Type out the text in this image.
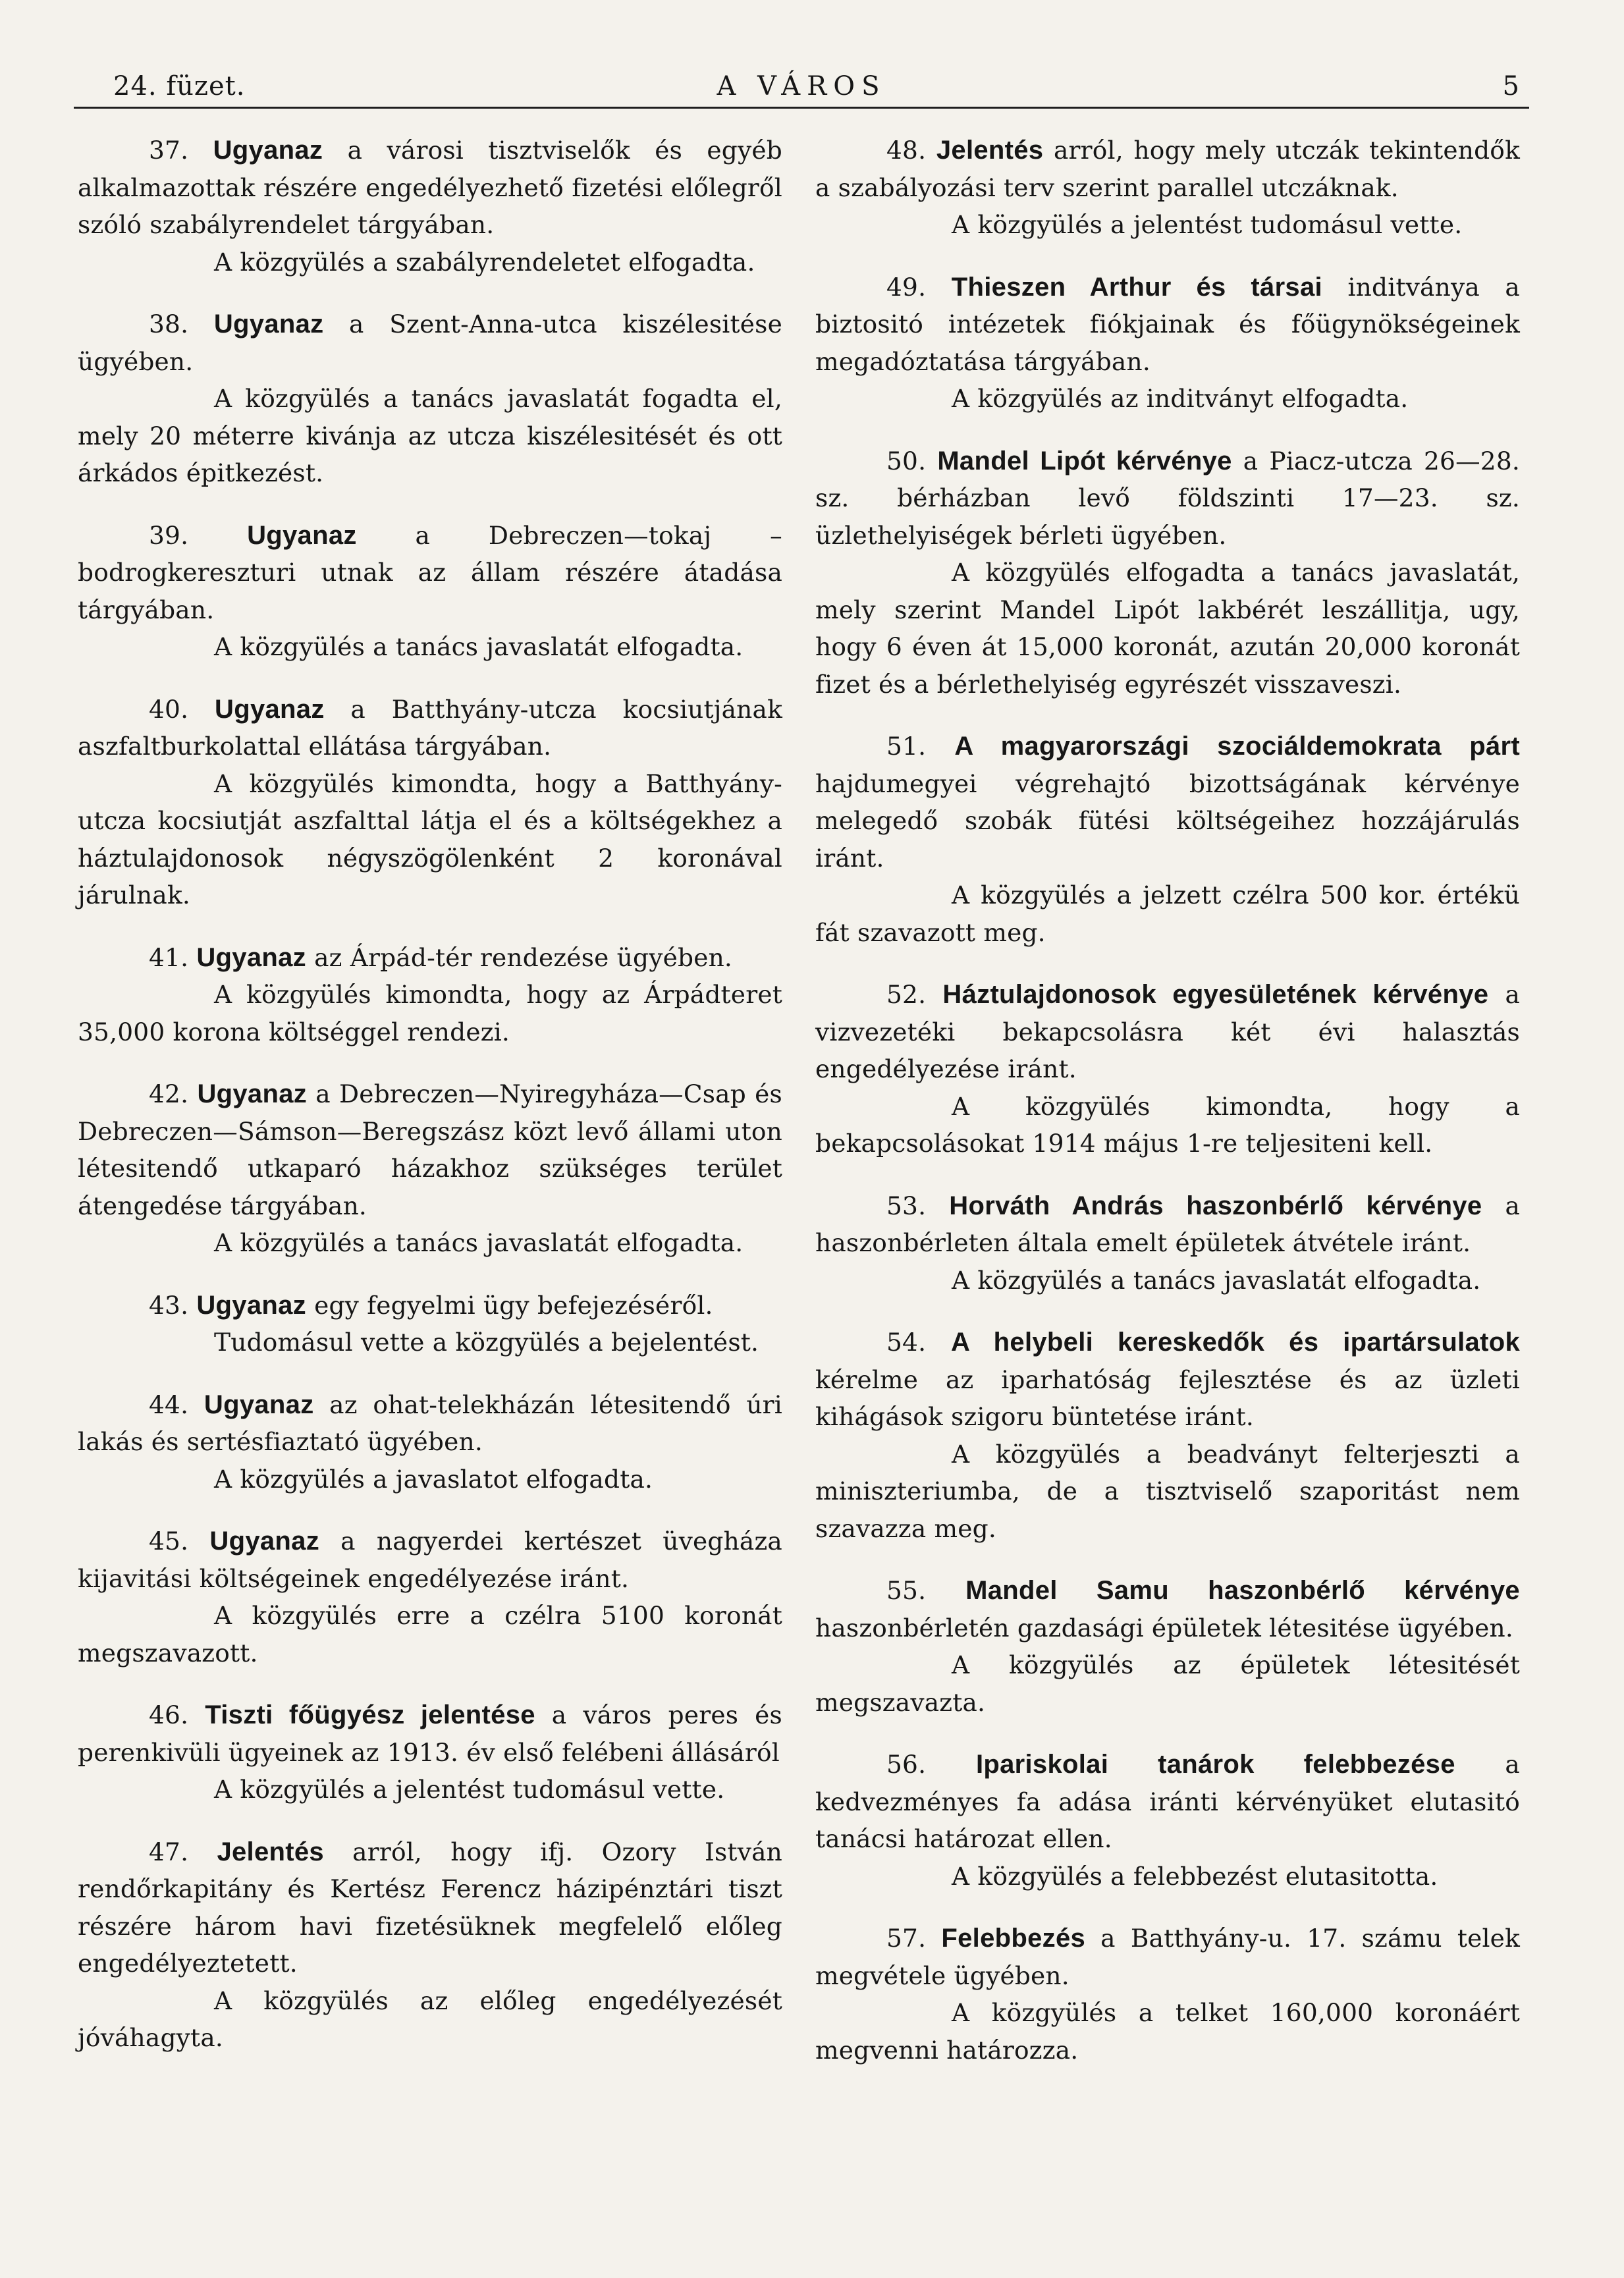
24. füzet.	A VÁROS	5

37. Ugyanaz a városi tisztviselők és egyéb alkalmazottak részére engedélyezhető fizetési előlegről szóló szabályrendelet tárgyában.

A közgyülés a szabályrendeletet elfogadta.

38. Ugyanaz a Szent-Anna-utca kiszélesitése ügyében.

A közgyülés a tanács javaslatát fogadta el, mely 20 méterre kivánja az utcza kiszélesitését és ott árkádos épitkezést.

39. Ugyanaz a Debreczen—tokaj – bodrogkereszturi utnak az állam részére átadása tárgyában.

A közgyülés a tanács javaslatát elfogadta.

40. Ugyanaz a Batthyány-utcza kocsiutjának aszfaltburkolattal ellátása tárgyában.

A közgyülés kimondta, hogy a Batthyány-utcza kocsiutját aszfalttal látja el és a költségekhez a háztulajdonosok négyszögölenként 2 koronával járulnak.

41. Ugyanaz az Árpád-tér rendezése ügyében.

A közgyülés kimondta, hogy az Árpádteret 35,000 korona költséggel rendezi.

42. Ugyanaz a Debreczen—Nyiregyháza—Csap és Debreczen—Sámson—Beregszász közt levő állami uton létesitendő utkaparó házakhoz szükséges terület átengedése tárgyában.

A közgyülés a tanács javaslatát elfogadta.

43. Ugyanaz egy fegyelmi ügy befejezéséről.

Tudomásul vette a közgyülés a bejelentést.

44. Ugyanaz az ohat-telekházán létesitendő úri lakás és sertésfiaztató ügyében.

A közgyülés a javaslatot elfogadta.

45. Ugyanaz a nagyerdei kertészet üvegháza kijavitási költségeinek engedélyezése iránt.

A közgyülés erre a czélra 5100 koronát megszavazott.

46. Tiszti főügyész jelentése a város peres és perenkivüli ügyeinek az 1913. év első felébeni állásáról

A közgyülés a jelentést tudomásul vette.

47. Jelentés arról, hogy ifj. Ozory István rendőrkapitány és Kertész Ferencz házipénztári tiszt részére három havi fizetésüknek megfelelő előleg engedélyeztetett.

A közgyülés az előleg engedélyezését jóváhagyta.

48. Jelentés arról, hogy mely utczák tekintendők a szabályozási terv szerint parallel utczáknak.

A közgyülés a jelentést tudomásul vette.

49. Thieszen Arthur és társai inditványa a biztositó intézetek fiókjainak és főügynökségeinek megadóztatása tárgyában.

A közgyülés az inditványt elfogadta.

50. Mandel Lipót kérvénye a Piacz-utcza 26—28. sz. bérházban levő földszinti 17—23. sz. üzlethelyiségek bérleti ügyében.

A közgyülés elfogadta a tanács javaslatát, mely szerint Mandel Lipót lakbérét leszállitja, ugy, hogy 6 éven át 15,000 koronát, azután 20,000 koronát fizet és a bérlethelyiség egyrészét visszaveszi.

51. A magyarországi szociáldemokrata párt hajdumegyei végrehajtó bizottságának kérvénye melegedő szobák fütési költségeihez hozzájárulás iránt.

A közgyülés a jelzett czélra 500 kor. értékü fát szavazott meg.

52. Háztulajdonosok egyesületének kérvénye a vizvezetéki bekapcsolásra két évi halasztás engedélyezése iránt.

A közgyülés kimondta, hogy a bekapcsolásokat 1914 május 1-re teljesiteni kell.

53. Horváth András haszonbérlő kérvénye a haszonbérleten általa emelt épületek átvétele iránt.

A közgyülés a tanács javaslatát elfogadta.

54. A helybeli kereskedők és ipartársulatok kérelme az iparhatóság fejlesztése és az üzleti kihágások szigoru büntetése iránt.

A közgyülés a beadványt felterjeszti a miniszteriumba, de a tisztviselő szaporitást nem szavazza meg.

55. Mandel Samu haszonbérlő kérvénye haszonbérletén gazdasági épületek létesitése ügyében.

A közgyülés az épületek létesitését megszavazta.

56. Ipariskolai tanárok felebbezése a kedvezményes fa adása iránti kérvényüket elutasitó tanácsi határozat ellen.

A közgyülés a felebbezést elutasitotta.

57. Felebbezés a Batthyány-u. 17. számu telek megvétele ügyében.

A közgyülés a telket 160,000 koronáért megvenni határozza.
